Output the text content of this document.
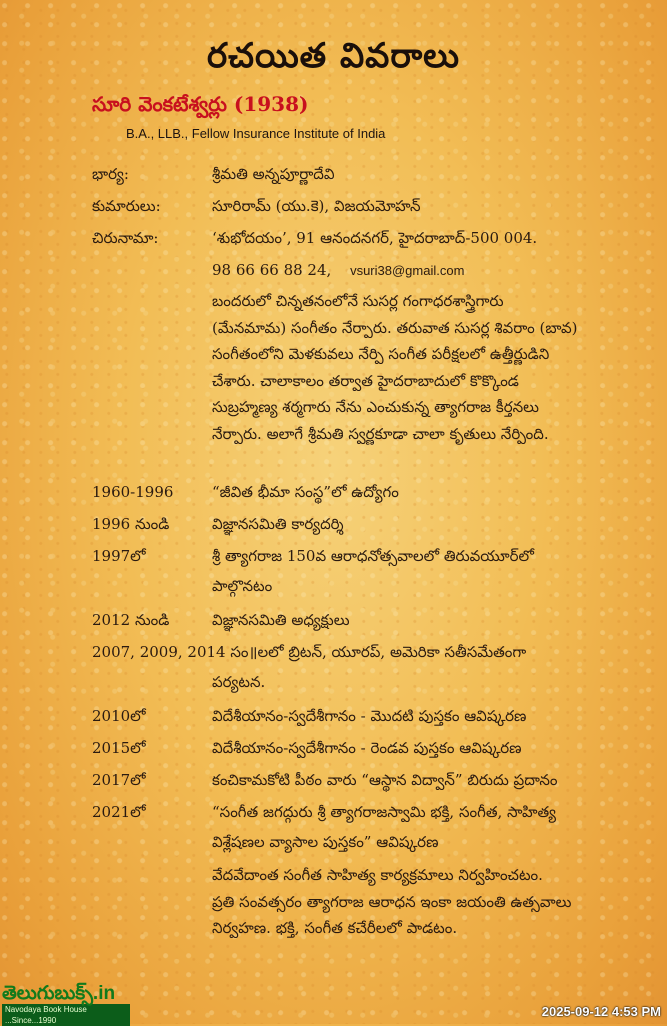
రచయిత వివరాలు
సూరి వెంకటేశ్వర్లు (1938)
B.A., LLB., Fellow Insurance Institute of India
భార్య:	శ్రీమతి అన్నపూర్ణాదేవి
కుమారులు:	సూరిరామ్ (యు.కె), విజయమోహన్
చిరునామా:	‘శుభోదయం’, 91 ఆనందనగర్, హైదరాబాద్-500 004.
98 66 66 88 24, vsuri38@gmail.com
బందరులో చిన్నతనంలోనే సుసర్ల గంగాధరశాస్త్రిగారు
(మేనమామ) సంగీతం నేర్పారు. తరువాత సుసర్ల శివరాం (బావ)
సంగీతంలోని మెళకువలు నేర్పి సంగీత పరీక్షలలో ఉత్తీర్ణుడిని
చేశారు. చాలాకాలం తర్వాత హైదరాబాదులో కొక్కొండ
సుబ్రహ్మణ్య శర్మగారు నేను ఎంచుకున్న త్యాగరాజ కీర్తనలు
నేర్పారు. అలాగే శ్రీమతి స్వర్ణకూడా చాలా కృతులు నేర్పింది.
1960-1996	“జీవిత భీమా సంస్థ”లో ఉద్యోగం
1996 నుండి	విజ్ఞానసమితి కార్యదర్శి
1997లో	శ్రీ త్యాగరాజ 150వ ఆరాధనోత్సవాలలో తిరువయూర్‌లో
పాల్గొనటం
2012 నుండి	విజ్ఞానసమితి అధ్యక్షులు
2007, 2009, 2014 సం॥లలో బ్రిటన్, యూరప్, అమెరికా సతీసమేతంగా
పర్యటన.
2010లో	విదేశీయానం-స్వదేశీగానం - మొదటి పుస్తకం ఆవిష్కరణ
2015లో	విదేశీయానం-స్వదేశీగానం - రెండవ పుస్తకం ఆవిష్కరణ
2017లో	కంచికామకోటి పీఠం వారు “ఆస్థాన విద్వాన్” బిరుదు ప్రదానం
2021లో	“సంగీత జగద్గురు శ్రీ త్యాగరాజస్వామి భక్తి, సంగీత, సాహిత్య
విశ్లేషణల వ్యాసాల పుస్తకం” ఆవిష్కరణ
వేదవేదాంత సంగీత సాహిత్య కార్యక్రమాలు నిర్వహించటం.
ప్రతి సంవత్సరం త్యాగరాజ ఆరాధన ఇంకా జయంతి ఉత్సవాలు
నిర్వహణ. భక్తి, సంగీత కచేరీలలో పాడటం.
తెలుగుబుక్స్.in
Navodaya Book House ...Since...1990
2025-09-12 4:53 PM
